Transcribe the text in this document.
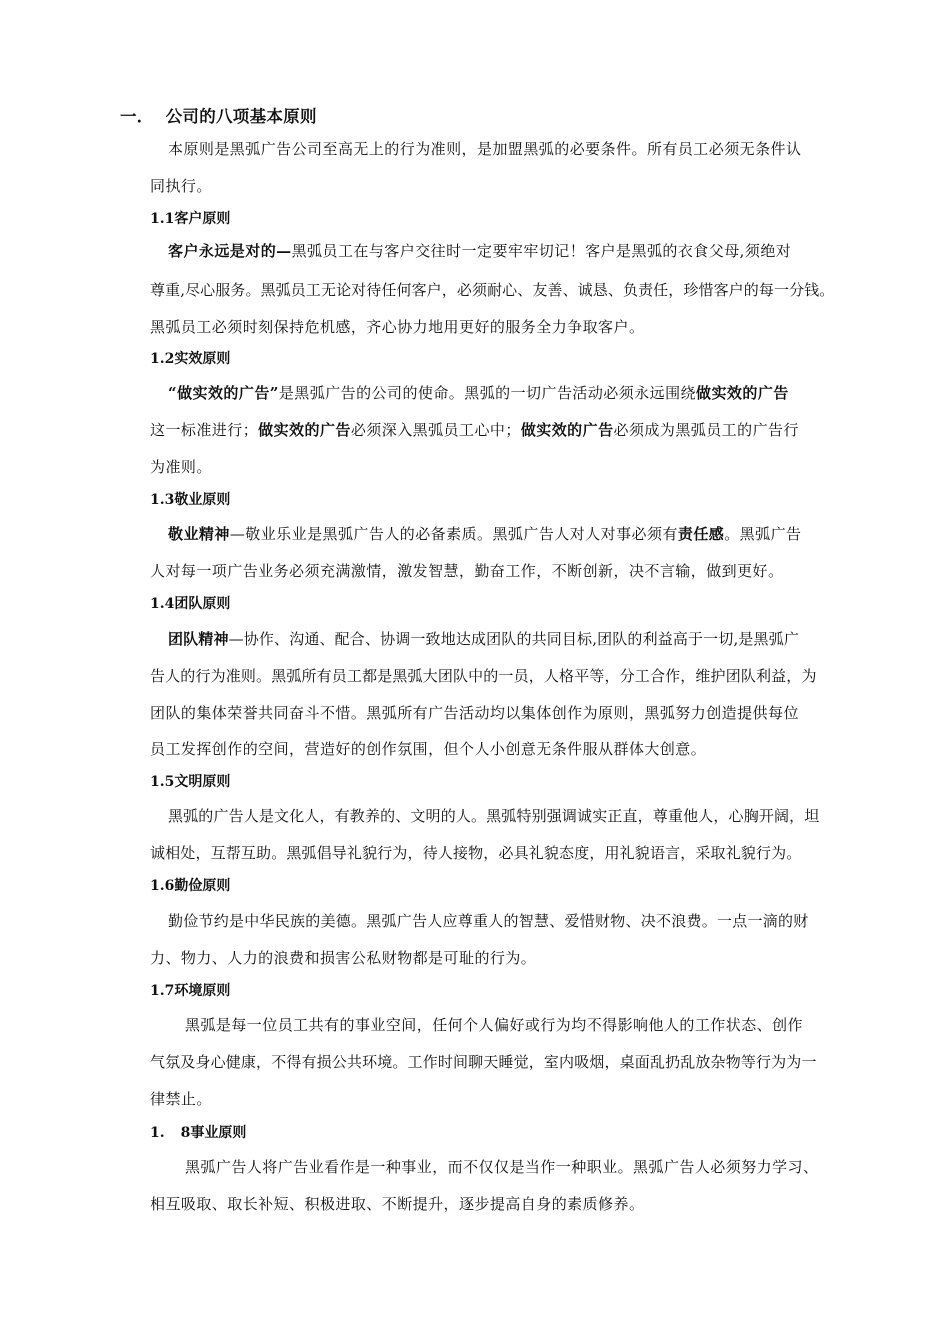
一． 公司的八项基本原则
本原则是黑弧广告公司至高无上的行为准则，是加盟黑弧的必要条件。所有员工必须无条件认
同执行。
1.1客户原则
客户永远是对的—黑弧员工在与客户交往时一定要牢牢切记！客户是黑弧的衣食父母,须绝对
尊重,尽心服务。黑弧员工无论对待任何客户，必须耐心、友善、诚恳、负责任，珍惜客户的每一分钱。
黑弧员工必须时刻保持危机感，齐心协力地用更好的服务全力争取客户。
1.2实效原则
“做实效的广告”是黑弧广告的公司的使命。黑弧的一切广告活动必须永远围绕做实效的广告
这一标准进行；做实效的广告必须深入黑弧员工心中；做实效的广告必须成为黑弧员工的广告行
为准则。
1.3敬业原则
敬业精神—敬业乐业是黑弧广告人的必备素质。黑弧广告人对人对事必须有责任感。黑弧广告
人对每一项广告业务必须充满激情，激发智慧，勤奋工作，不断创新，决不言输，做到更好。
1.4团队原则
团队精神—协作、沟通、配合、协调一致地达成团队的共同目标,团队的利益高于一切,是黑弧广
告人的行为准则。黑弧所有员工都是黑弧大团队中的一员，人格平等，分工合作，维护团队利益，为
团队的集体荣誉共同奋斗不惜。黑弧所有广告活动均以集体创作为原则，黑弧努力创造提供每位
员工发挥创作的空间，营造好的创作氛围，但个人小创意无条件服从群体大创意。
1.5文明原则
黑弧的广告人是文化人，有教养的、文明的人。黑弧特别强调诚实正直，尊重他人，心胸开阔，坦
诚相处，互帮互助。黑弧倡导礼貌行为，待人接物，必具礼貌态度，用礼貌语言，采取礼貌行为。
1.6勤俭原则
勤俭节约是中华民族的美德。黑弧广告人应尊重人的智慧、爱惜财物、决不浪费。一点一滴的财
力、物力、人力的浪费和损害公私财物都是可耻的行为。
1.7环境原则
黑弧是每一位员工共有的事业空间，任何个人偏好或行为均不得影响他人的工作状态、创作
气氛及身心健康，不得有损公共环境。工作时间聊天睡觉，室内吸烟，桌面乱扔乱放杂物等行为为一
律禁止。
1. 8事业原则
黑弧广告人将广告业看作是一种事业，而不仅仅是当作一种职业。黑弧广告人必须努力学习、
相互吸取、取长补短、积极进取、不断提升，逐步提高自身的素质修养。
